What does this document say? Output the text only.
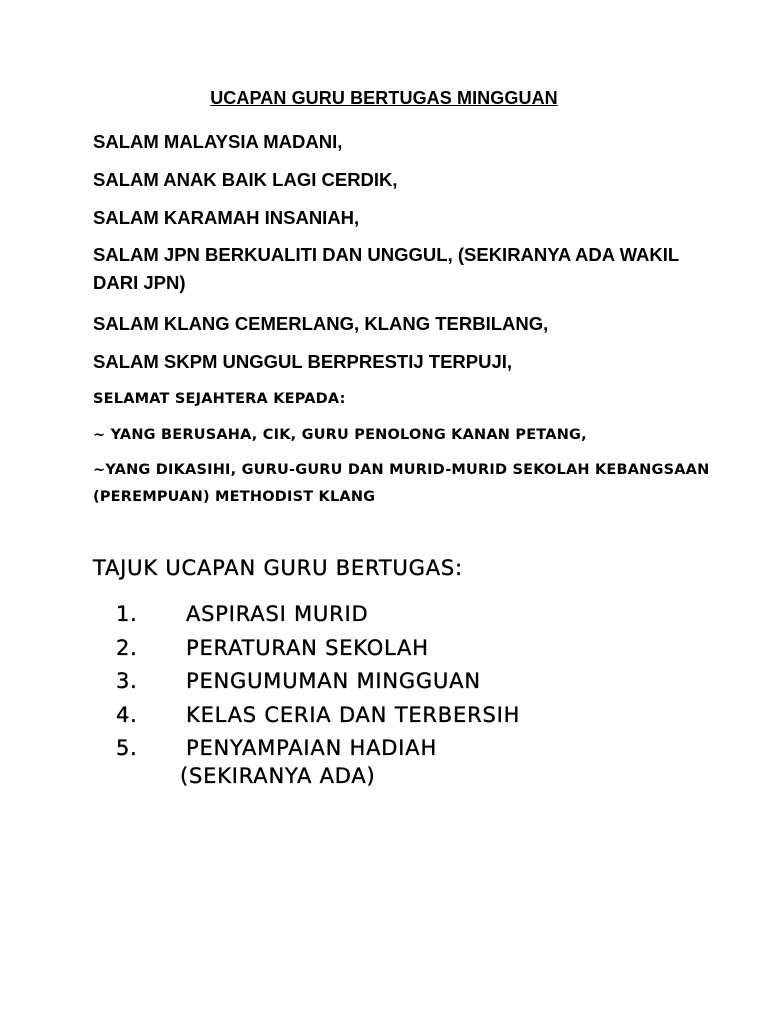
UCAPAN GURU BERTUGAS MINGGUAN
SALAM MALAYSIA MADANI,
SALAM ANAK BAIK LAGI CERDIK,
SALAM KARAMAH INSANIAH,
SALAM JPN BERKUALITI DAN UNGGUL, (SEKIRANYA ADA WAKIL DARI JPN)
SALAM KLANG CEMERLANG, KLANG TERBILANG,
SALAM SKPM UNGGUL BERPRESTIJ TERPUJI,
SELAMAT SEJAHTERA KEPADA:
~ YANG BERUSAHA, CIK, GURU PENOLONG KANAN PETANG,
~YANG DIKASIHI, GURU-GURU DAN MURID-MURID SEKOLAH KEBANGSAAN (PEREMPUAN) METHODIST KLANG
TAJUK UCAPAN GURU BERTUGAS:
1. ASPIRASI MURID
2. PERATURAN SEKOLAH
3. PENGUMUMAN MINGGUAN
4. KELAS CERIA DAN TERBERSIH
5. PENYAMPAIAN HADIAH
(SEKIRANYA ADA)
